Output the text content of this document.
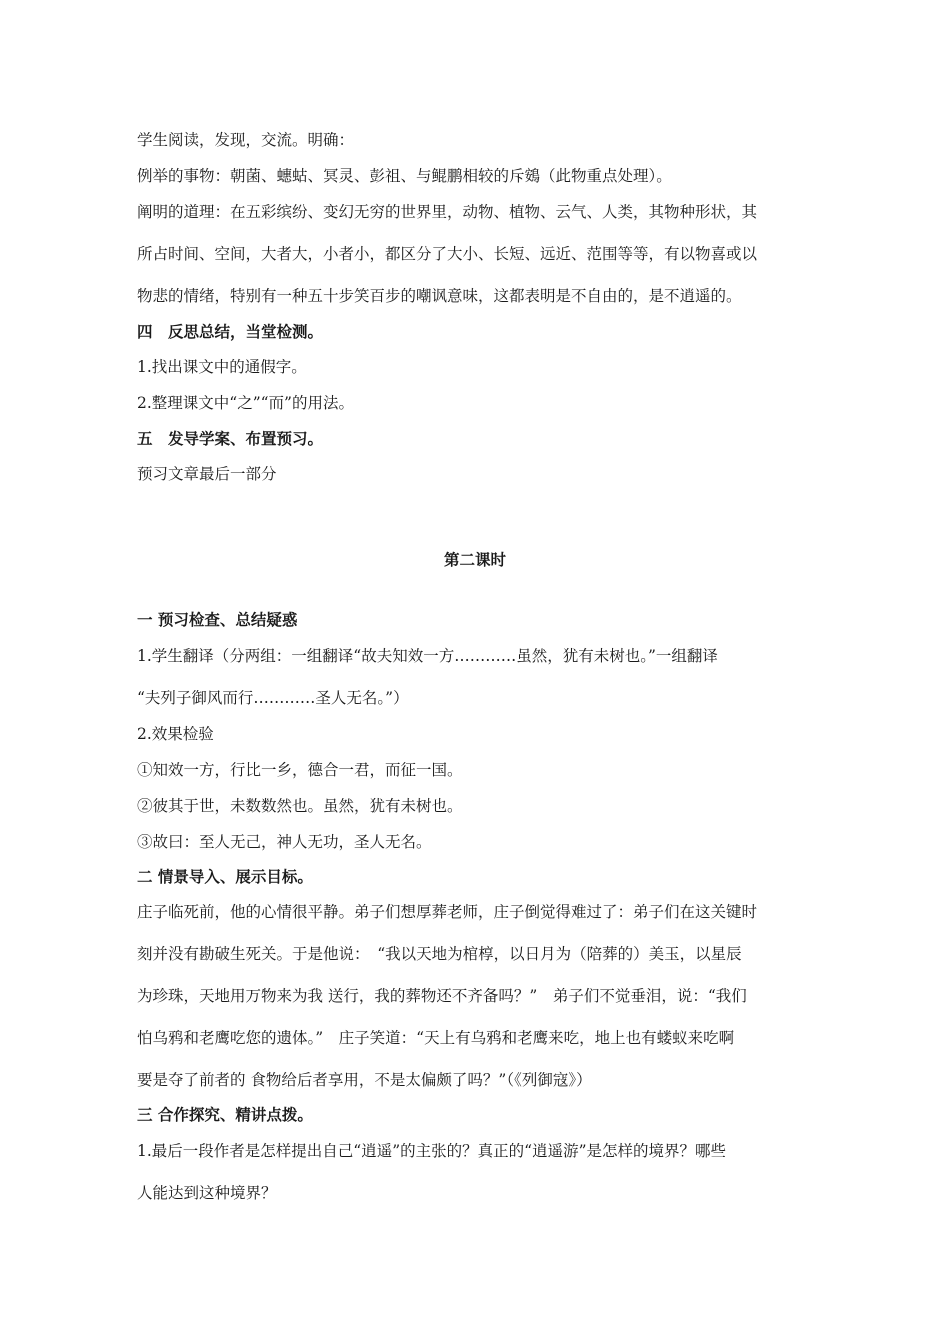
学生阅读，发现，交流。明确：
例举的事物：朝菌、蟪蛄、冥灵、彭祖、与鲲鹏相较的斥鴳（此物重点处理）。
阐明的道理：在五彩缤纷、变幻无穷的世界里，动物、植物、云气、人类，其物种形状，其
所占时间、空间，大者大，小者小，都区分了大小、长短、远近、范围等等，有以物喜或以
物悲的情绪，特别有一种五十步笑百步的嘲讽意味，这都表明是不自由的，是不逍遥的。
四　反思总结，当堂检测。
1.找出课文中的通假字。
2.整理课文中“之”“而”的用法。
五　发导学案、布置预习。
预习文章最后一部分
第二课时
一 预习检查、总结疑惑
1.学生翻译（分两组：一组翻译“故夫知效一方…………虽然，犹有未树也。”一组翻译
“夫列子御风而行…………圣人无名。”）
2.效果检验
①知效一方，行比一乡，德合一君，而征一国。
②彼其于世，未数数然也。虽然，犹有未树也。
③故曰：至人无己，神人无功，圣人无名。
二 情景导入、展示目标。
庄子临死前，他的心情很平静。弟子们想厚葬老师，庄子倒觉得难过了：弟子们在这关键时
刻并没有勘破生死关。于是他说：　“我以天地为棺椁，以日月为（陪葬的）美玉，以星辰
为珍珠，天地用万物来为我 送行，我的葬物还不齐备吗？”　弟子们不觉垂泪，说：“我们
怕乌鸦和老鹰吃您的遗体。”　庄子笑道：“天上有乌鸦和老鹰来吃，地上也有蝼蚁来吃啊
要是夺了前者的 食物给后者享用，不是太偏颇了吗？”（《列御寇》）
三 合作探究、精讲点拨。
1.最后一段作者是怎样提出自己“逍遥”的主张的？真正的“逍遥游”是怎样的境界？哪些
人能达到这种境界？
